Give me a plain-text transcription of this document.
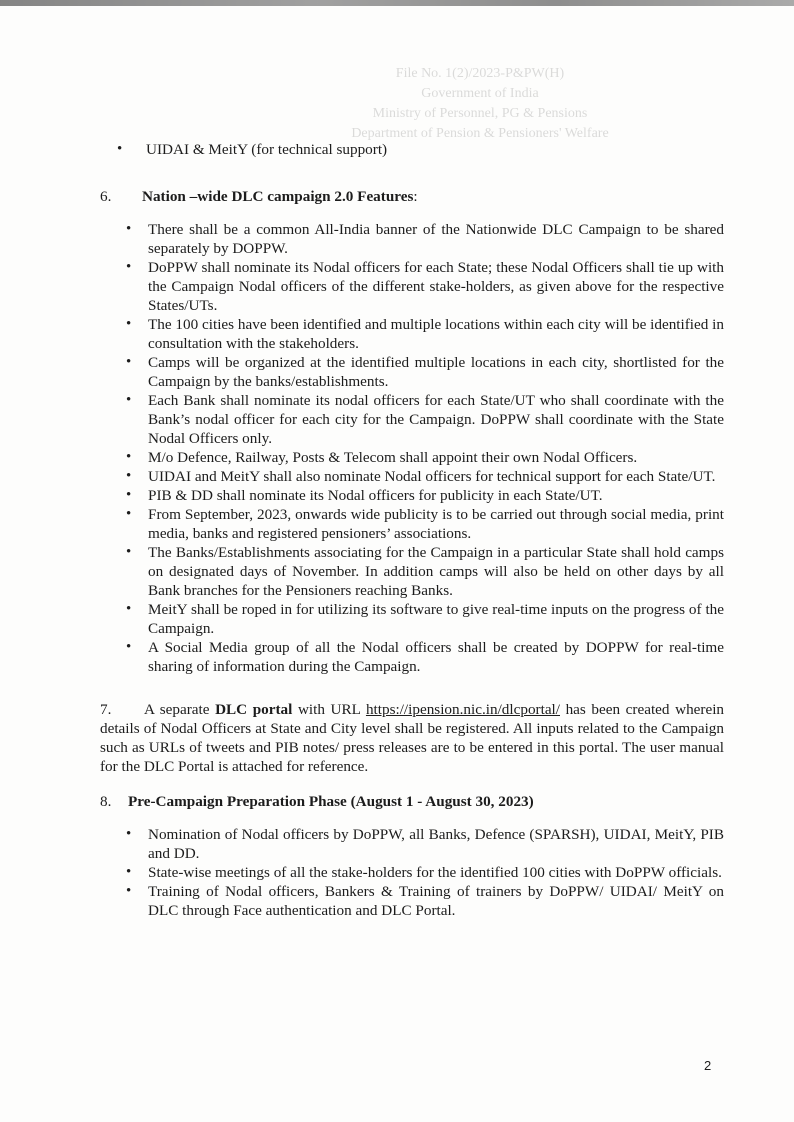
File No. 1(2)/2023-P&PW(H)
Government of India
Ministry of Personnel, PG & Pensions
Department of Pension & Pensioners' Welfare
• UIDAI & MeitY (for technical support)
6.	Nation –wide DLC campaign 2.0 Features :
• There shall be a common All-India banner of the Nationwide DLC Campaign to be shared separately by DOPPW.
• DoPPW shall nominate its Nodal officers for each State; these Nodal Officers shall tie up with the Campaign Nodal officers of the different stake-holders, as given above for the respective States/UTs.
• The 100 cities have been identified and multiple locations within each city will be identified in consultation with the stakeholders.
• Camps will be organized at the identified multiple locations in each city, shortlisted for the Campaign by the banks/establishments.
• Each Bank shall nominate its nodal officers for each State/UT who shall coordinate with the Bank’s nodal officer for each city for the Campaign. DoPPW shall coordinate with the State Nodal Officers only.
• M/o Defence, Railway, Posts & Telecom shall appoint their own Nodal Officers.
• UIDAI and MeitY shall also nominate Nodal officers for technical support for each State/UT.
• PIB & DD shall nominate its Nodal officers for publicity in each State/UT.
• From September, 2023, onwards wide publicity is to be carried out through social media, print media, banks and registered pensioners’ associations.
• The Banks/Establishments associating for the Campaign in a particular State shall hold camps on designated days of November. In addition camps will also be held on other days by all Bank branches for the Pensioners reaching Banks.
• MeitY shall be roped in for utilizing its software to give real-time inputs on the progress of the Campaign.
• A Social Media group of all the Nodal officers shall be created by DOPPW for real-time sharing of information during the Campaign.
7. A separate DLC portal with URL https://ipension.nic.in/dlcportal/ has been created wherein details of Nodal Officers at State and City level shall be registered. All inputs related to the Campaign such as URLs of tweets and PIB notes/ press releases are to be entered in this portal. The user manual for the DLC Portal is attached for reference.
8.	Pre-Campaign Preparation Phase (August 1 - August 30, 2023)
• Nomination of Nodal officers by DoPPW, all Banks, Defence (SPARSH), UIDAI, MeitY, PIB and DD.
• State-wise meetings of all the stake-holders for the identified 100 cities with DoPPW officials.
• Training of Nodal officers, Bankers & Training of trainers by DoPPW/ UIDAI/ MeitY on DLC through Face authentication and DLC Portal.
2
